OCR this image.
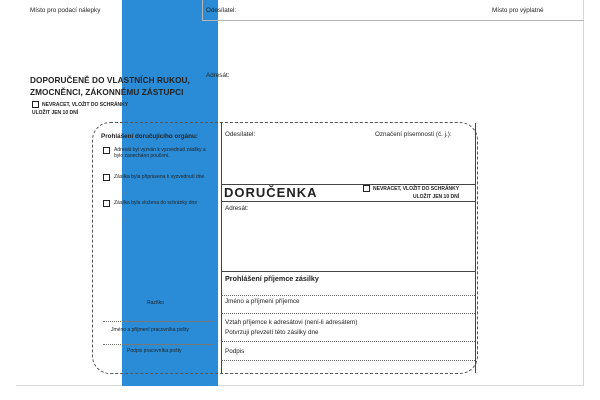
Místo pro podací nálepky	Odesílatel:	Místo pro výplatné
Adresát:
DOPORUČENĚ DO VLASTNÍCH RUKOU,
ZMOCNĚNCI, ZÁKONNÉMU ZÁSTUPCI
NEVRACET, VLOŽIT DO SCHRÁNKY
ULOŽIT JEN 10 DNÍ
Prohlášení doručujícího orgánu:
Adresát byl vyzván k vyzvednutí zásilky a bylo zanecháno poučení.
Zásilka byla připravena k vyzvednutí dne
Zásilka byla vložena do schránky dne
Razítko
Jméno a příjmení pracovníka pošty
Podpis pracovníka pošty
Odesílatel:	Označení písemnosti (č. j.):
DORUČENKA	NEVRACET, VLOŽIT DO SCHRÁNKY
ULOŽIT JEN 10 DNÍ
Adresát:
Prohlášení příjemce zásilky
Jméno a příjmení příjemce
Vztah příjemce k adresátovi (není-li adresátem)
Potvrzuji převzetí této zásilky dne
Podpis
